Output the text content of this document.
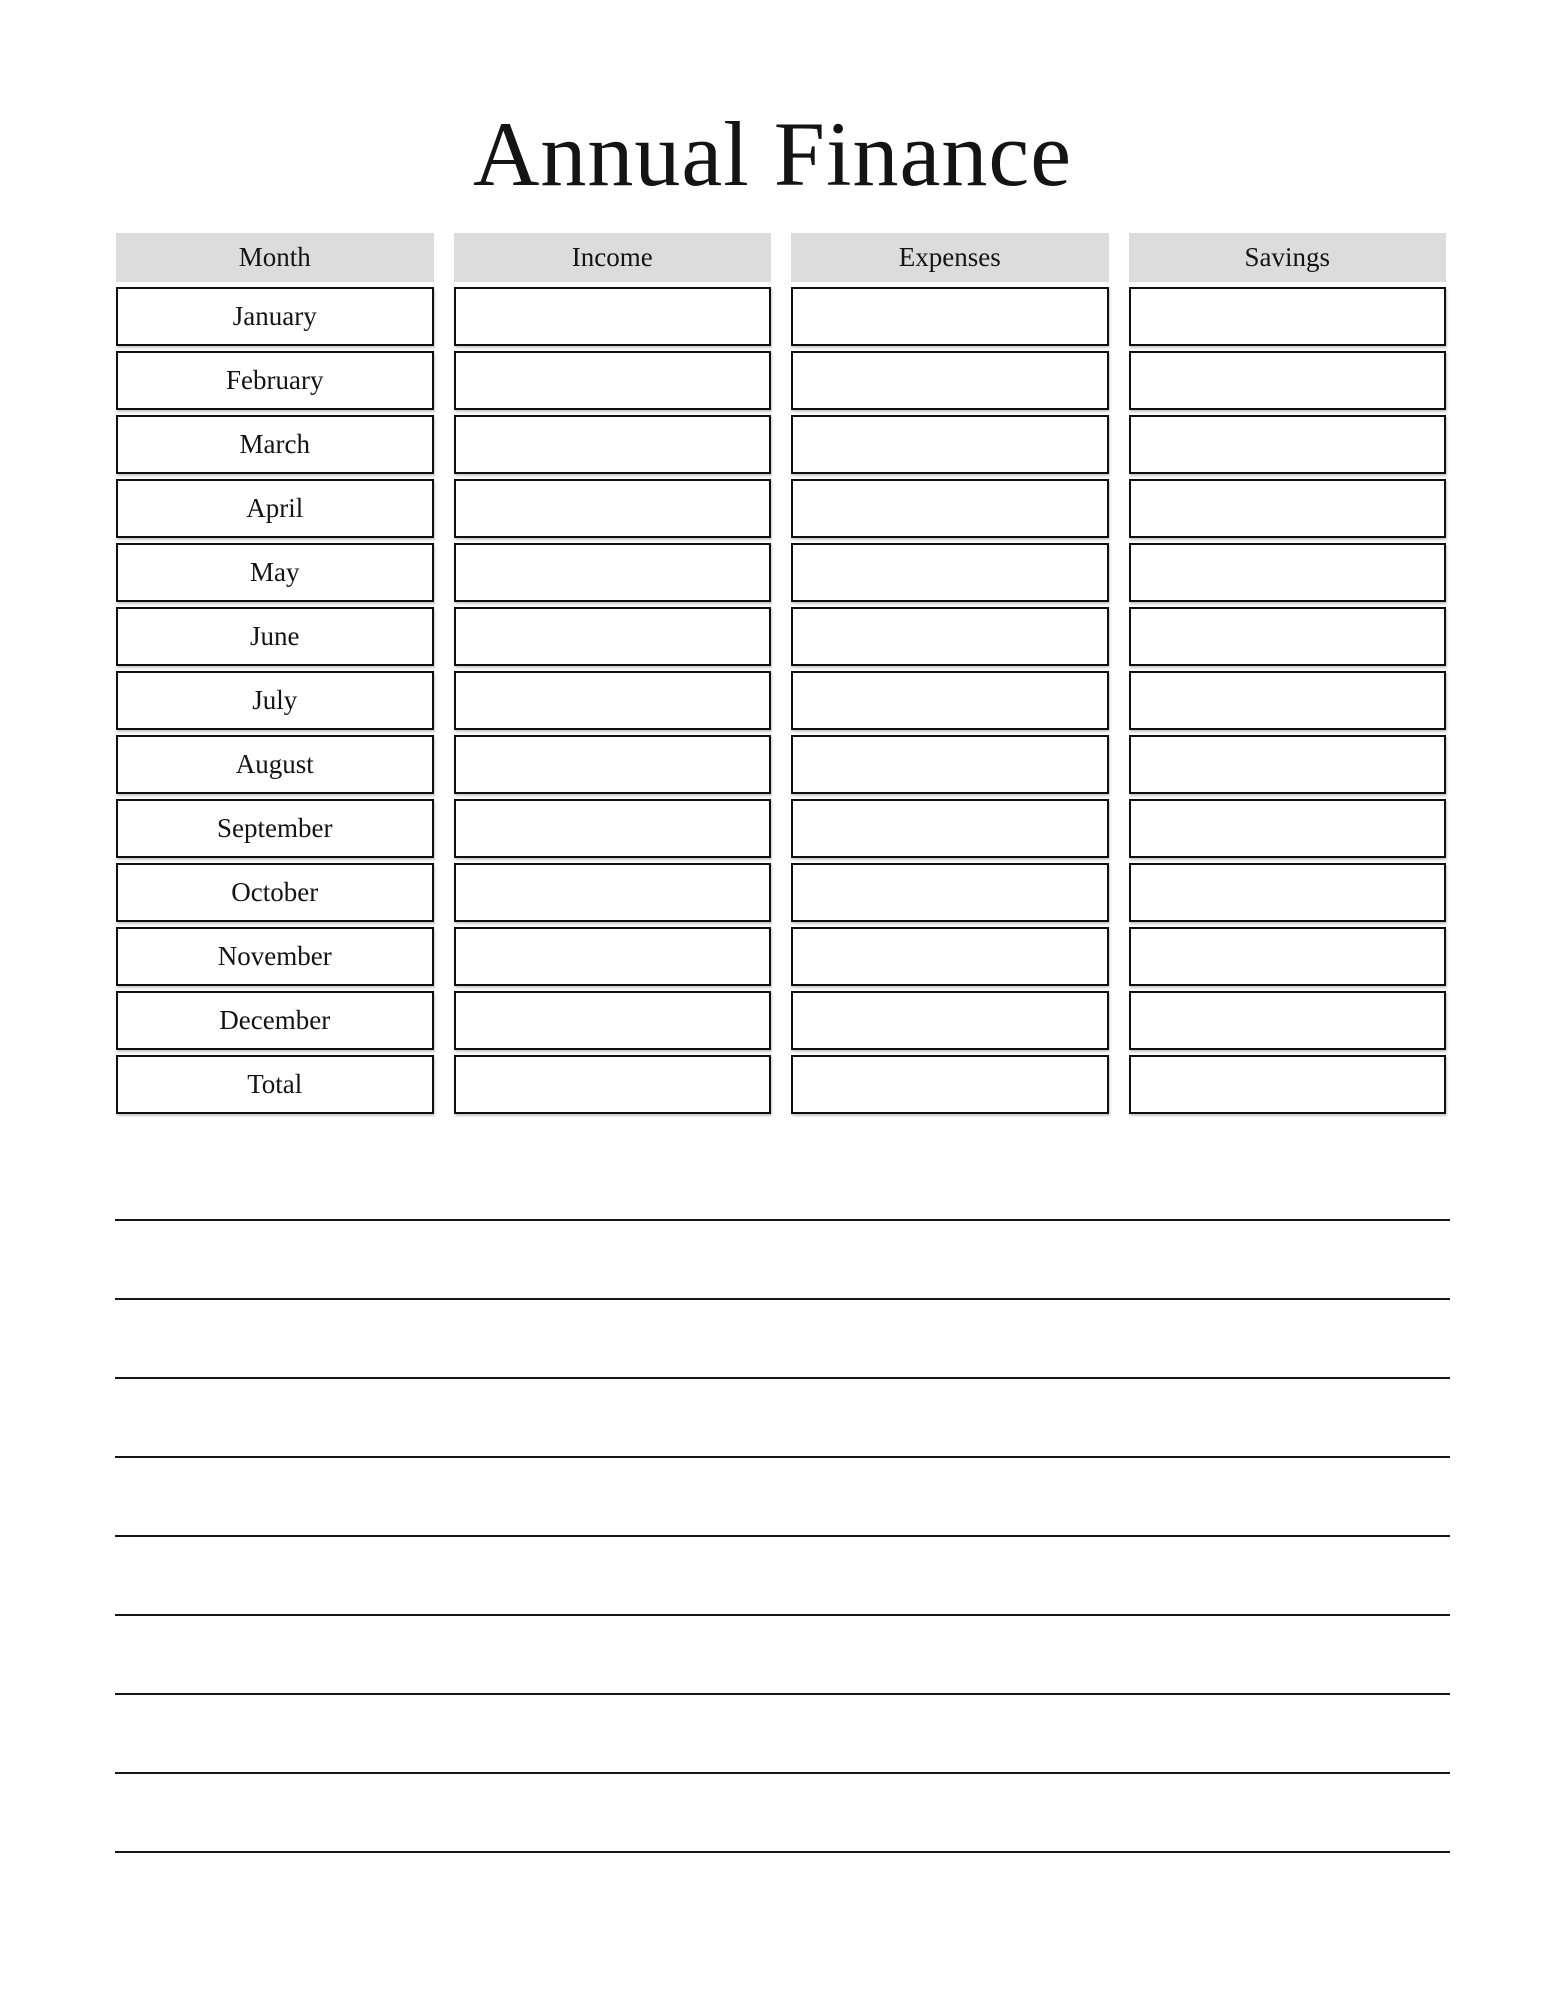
Annual Finance
Month
January
February
March
April
May
June
July
August
September
October
November
December
Total
Income	Expenses	Savings
